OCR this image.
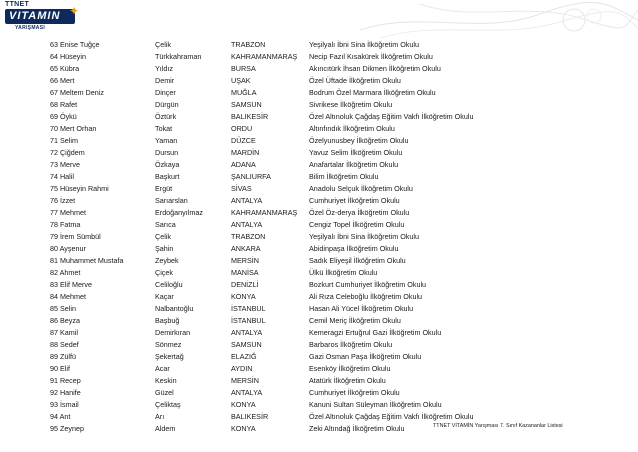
TTNET
VITAMIN ✦
YARIŞMASI
63 Enise Tuğçe	Çelik	TRABZON	Yeşilyalı İbni Sina İlköğretim Okulu
64 Hüseyin	Türkkahraman	KAHRAMANMARAŞ Necip Fazıl Kısakürek İlköğretim Okulu
65 Kübra	Yıldız	BURSA	Akıncıtürk İhsan Dikmen İlköğretim Okulu
66 Mert	Demir	UŞAK	Özel Üftade İlköğretim Okulu
67 Meltem Deniz	Dinçer	MUĞLA	Bodrum Özel Marmara İlköğretim Okulu
68 Rafet	Dürgün	SAMSUN	Sivrikese İlköğretim Okulu
69 Öykü	Öztürk	BALIKESİR	Özel Altınoluk Çağdaş Eğitim Vakfı İlköğretim Okulu
70 Mert Orhan	Tokat	ORDU	Altınfındık İlköğretim Okulu
71 Selim	Yaman	DÜZCE	Özelyunusbey İlköğretim Okulu
72 Çiğdem	Dursun	MARDİN	Yavuz Selim İlköğretim Okulu
73 Merve	Özkaya	ADANA	Anafartalar İlköğretim Okulu
74 Halil	Başkurt	ŞANLIURFA	Bilim İlköğretim Okulu
75 Hüseyin Rahmi	Ergüt	SİVAS	Anadolu Selçuk İlköğretim Okulu
76 İzzet	Sarıarslan	ANTALYA	Cumhuriyet İlköğretim Okulu
77 Mehmet	Erdoğanyılmaz	KAHRAMANMARAŞ Özel Öz-derya İlköğretim Okulu
78 Fatma	Sarıca	ANTALYA	Cengiz Topel İlköğretim Okulu
79 İrem Sümbül	Çelik	TRABZON	Yeşilyalı İbni Sina İlköğretim Okulu
80 Ayşenur	Şahin	ANKARA	Abidinpaşa İlköğretim Okulu
81 Muhammet Mustafa	Zeybek	MERSİN	Sadık Eliyeşil İlköğretim Okulu
82 Ahmet	Çiçek	MANİSA	Ülkü İlköğretim Okulu
83 Elif Merve	Celiloğlu	DENİZLİ	Bozkurt Cumhuriyet İlköğretim Okulu
84 Mehmet	Kaçar	KONYA	Ali Rıza Celeboğlu İlköğretim Okulu
85 Selin	Nalbantoğlu	İSTANBUL	Hasan Ali Yücel İlköğretim Okulu
86 Beyza	Başbuğ	İSTANBUL	Cemil Meriç İlköğretim Okulu
87 Kamil	Demirkıran	ANTALYA	Kemeragzi Ertuğrul Gazi İlköğretim Okulu
88 Sedef	Sönmez	SAMSUN	Barbaros İlköğretim Okulu
89 Zülfü	Şekertağ	ELAZIĞ	Gazi Osman Paşa İlköğretim Okulu
90 Elif	Acar	AYDIN	Esenköy İlköğretim Okulu
91 Recep	Keskin	MERSİN	Atatürk İlköğretim Okulu
92 Hanife	Güzel	ANTALYA	Cumhuriyet İlköğretim Okulu
93 İsmail	Çeliktaş	KONYA	Kanuni Sultan Süleyman İlköğretim Okulu
94 Ant	Arı	BALIKESİR	Özel Altınoluk Çağdaş Eğitim Vakfı İlköğretim Okulu
95 Zeynep	Aldem	KONYA	Zeki Altındağ İlköğretim Okulu	TTNET VİTAMİN Yarışması 7. Sınıf Kazananlar Listesi
